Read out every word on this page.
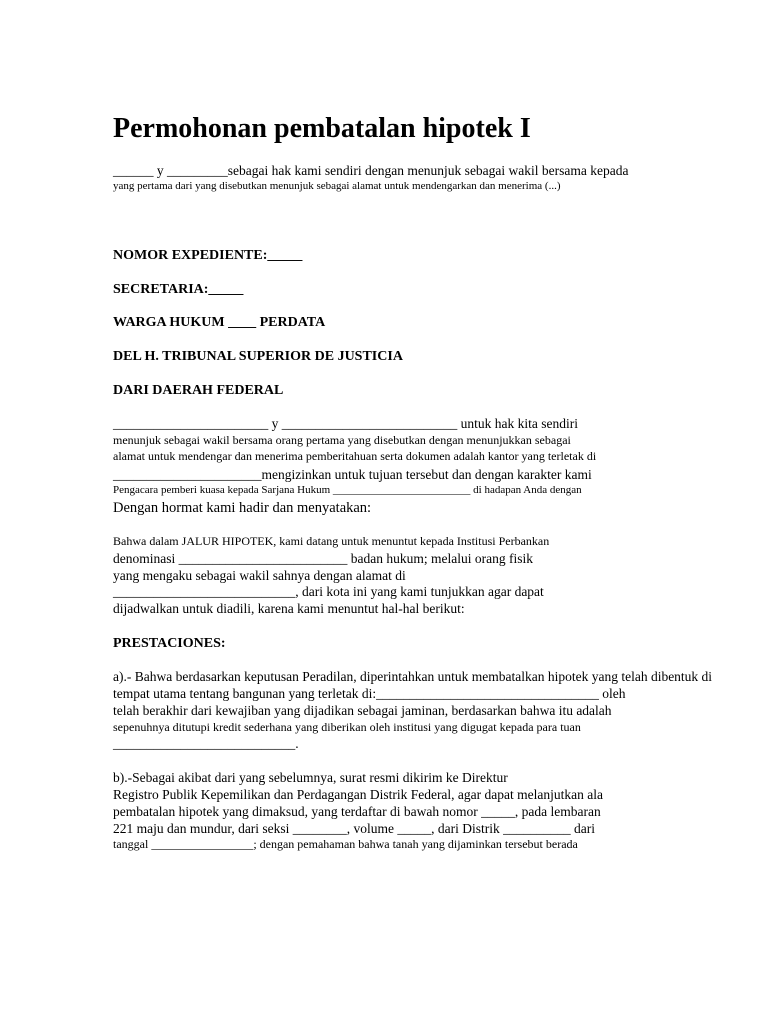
Permohonan pembatalan hipotek I
______ y _________sebagai hak kami sendiri dengan menunjuk sebagai wakil bersama kepada
yang pertama dari yang disebutkan menunjuk sebagai alamat untuk mendengarkan dan menerima (...)
NOMOR EXPEDIENTE:_____
SECRETARIA:_____
WARGA HUKUM ____ PERDATA
DEL H. TRIBUNAL SUPERIOR DE JUSTICIA
DARI DAERAH FEDERAL
_______________________ y __________________________ untuk hak kita sendiri
menunjuk sebagai wakil bersama orang pertama yang disebutkan dengan menunjukkan sebagai
alamat untuk mendengar dan menerima pemberitahuan serta dokumen adalah kantor yang terletak di
______________________mengizinkan untuk tujuan tersebut dan dengan karakter kami
Pengacara pemberi kuasa kepada Sarjana Hukum _________________________ di hadapan Anda dengan
Dengan hormat kami hadir dan menyatakan:
Bahwa dalam JALUR HIPOTEK, kami datang untuk menuntut kepada Institusi Perbankan
denominasi _________________________ badan hukum; melalui orang fisik
yang mengaku sebagai wakil sahnya dengan alamat di
___________________________, dari kota ini yang kami tunjukkan agar dapat
dijadwalkan untuk diadili, karena kami menuntut hal-hal berikut:
PRESTACIONES:
a).- Bahwa berdasarkan keputusan Peradilan, diperintahkan untuk membatalkan hipotek yang telah dibentuk di
tempat utama tentang bangunan yang terletak di:_________________________________ oleh
telah berakhir dari kewajiban yang dijadikan sebagai jaminan, berdasarkan bahwa itu adalah
sepenuhnya ditutupi kredit sederhana yang diberikan oleh institusi yang digugat kepada para tuan
___________________________.
b).-Sebagai akibat dari yang sebelumnya, surat resmi dikirim ke Direktur
Registro Publik Kepemilikan dan Perdagangan Distrik Federal, agar dapat melanjutkan ala
pembatalan hipotek yang dimaksud, yang terdaftar di bawah nomor _____, pada lembaran
221 maju dan mundur, dari seksi ________, volume _____, dari Distrik __________ dari
tanggal _________________; dengan pemahaman bahwa tanah yang dijaminkan tersebut berada
